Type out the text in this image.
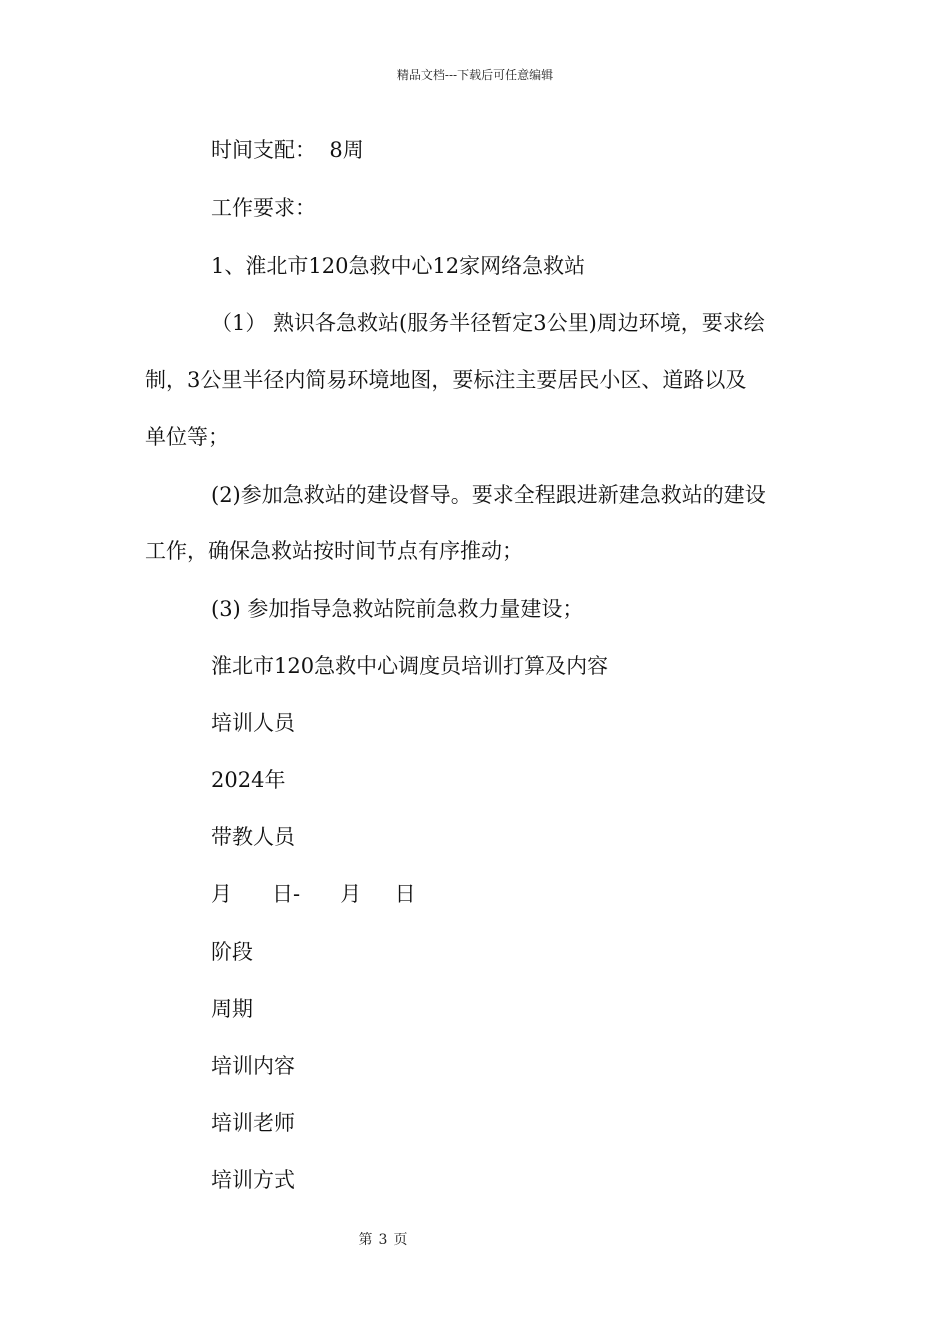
精品文档---下载后可任意编辑
时间支配：  8周
工作要求：
1、淮北市120急救中心12家网络急救站
（1） 熟识各急救站(服务半径暂定3公里)周边环境，要求绘
制，3公里半径内简易环境地图，要标注主要居民小区、道路以及
单位等；
(2)参加急救站的建设督导。要求全程跟进新建急救站的建设
工作，确保急救站按时间节点有序推动；
(3) 参加指导急救站院前急救力量建设；
淮北市120急救中心调度员培训打算及内容
培训人员
2024年
带教人员
月      日-      月     日
阶段
周期
培训内容
培训老师
培训方式
第 3 页
